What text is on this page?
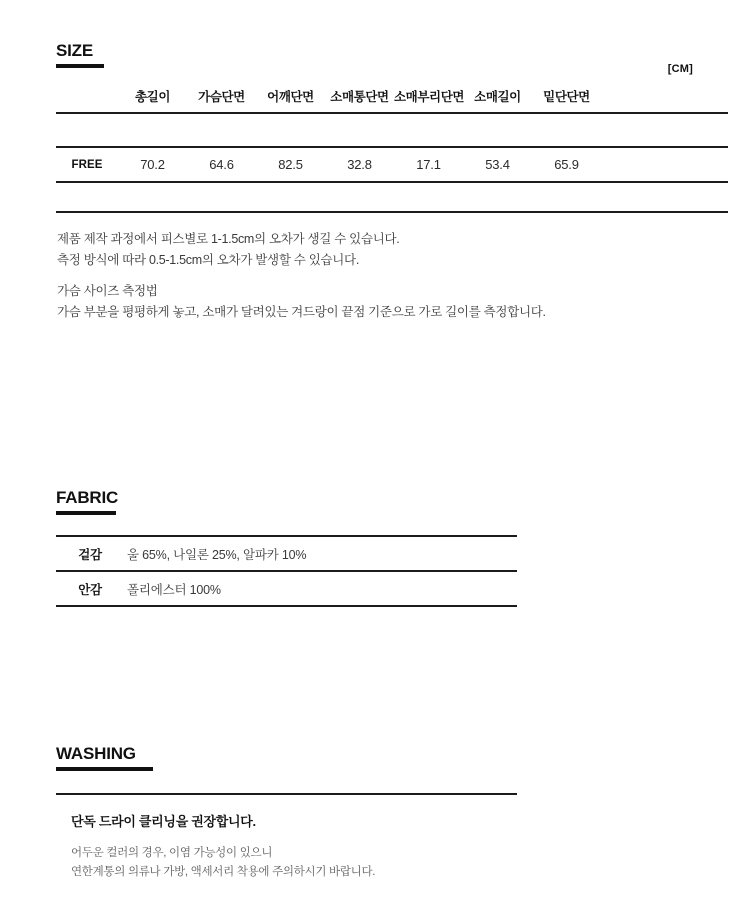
SIZE
[CM]
	총길이	가슴단면	어깨단면	소매통단면	소매부리단면	소매길이	밑단단면	

FREE	70.2	64.6	82.5	32.8	17.1	53.4	65.9	

제품 제작 과정에서 피스별로 1-1.5cm의 오차가 생길 수 있습니다.
측정 방식에 따라 0.5-1.5cm의 오차가 발생할 수 있습니다.
가슴 사이즈 측정법
가슴 부분을 평평하게 놓고, 소매가 달려있는 겨드랑이 끝점 기준으로 가로 길이를 측정합니다.
FABRIC
겉감	울 65%, 나일론 25%, 알파카 10%
안감	폴리에스터 100%
WASHING
단독 드라이 클리닝을 권장합니다.
어두운 컬러의 경우, 이염 가능성이 있으니
연한계통의 의류나 가방, 액세서리 착용에 주의하시기 바랍니다.
